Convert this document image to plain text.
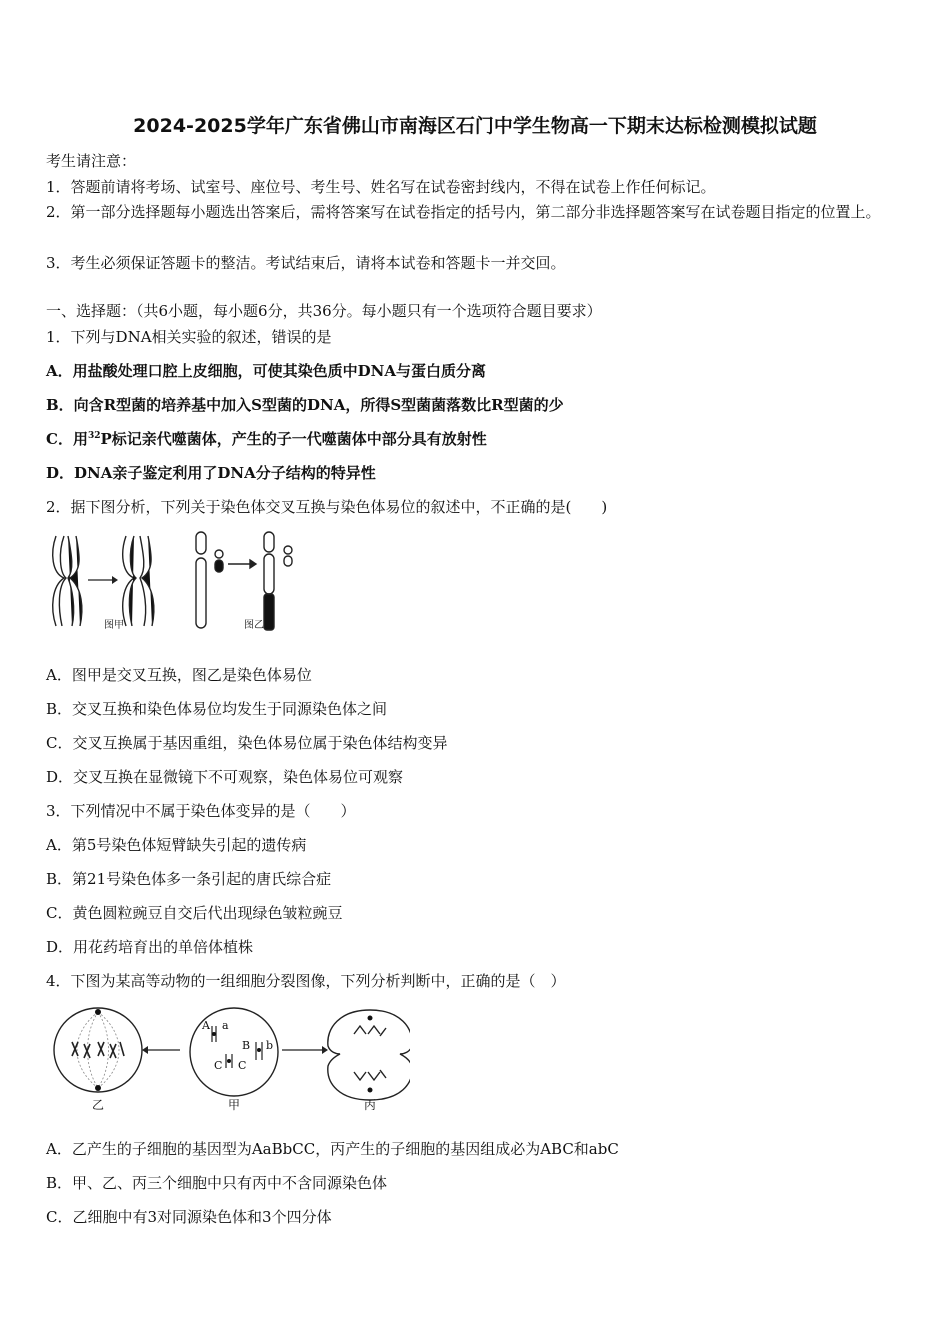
2024-2025学年广东省佛山市南海区石门中学生物高一下期末达标检测模拟试题
考生请注意：
1．答题前请将考场、试室号、座位号、考生号、姓名写在试卷密封线内，不得在试卷上作任何标记。
2．第一部分选择题每小题选出答案后，需将答案写在试卷指定的括号内，第二部分非选择题答案写在试卷题目指定的位置上。
3．考生必须保证答题卡的整洁。考试结束后，请将本试卷和答题卡一并交回。
一、选择题：（共6小题，每小题6分，共36分。每小题只有一个选项符合题目要求）
1．下列与DNA相关实验的叙述，错误的是
A．用盐酸处理口腔上皮细胞，可使其染色质中DNA与蛋白质分离
B．向含R型菌的培养基中加入S型菌的DNA，所得S型菌菌落数比R型菌的少
C．用$^{32}$P标记亲代噬菌体，产生的子一代噬菌体中部分具有放射性
D．DNA亲子鉴定利用了DNA分子结构的特异性
2．据下图分析，下列关于染色体交叉互换与染色体易位的叙述中，不正确的是(　　)
图甲	图乙
A．图甲是交叉互换，图乙是染色体易位
B．交叉互换和染色体易位均发生于同源染色体之间
C．交叉互换属于基因重组，染色体易位属于染色体结构变异
D．交叉互换在显微镜下不可观察，染色体易位可观察
3．下列情况中不属于染色体变异的是（　　）
A．第5号染色体短臂缺失引起的遗传病
B．第21号染色体多一条引起的唐氏综合症
C．黄色圆粒豌豆自交后代出现绿色皱粒豌豆
D．用花药培育出的单倍体植株
4．下图为某高等动物的一组细胞分裂图像，下列分析判断中，正确的是（　）
A a
B b
C C
乙	甲	丙
A．乙产生的子细胞的基因型为AaBbCC，丙产生的子细胞的基因组成必为ABC和abC
B．甲、乙、丙三个细胞中只有丙中不含同源染色体
C．乙细胞中有3对同源染色体和3个四分体
